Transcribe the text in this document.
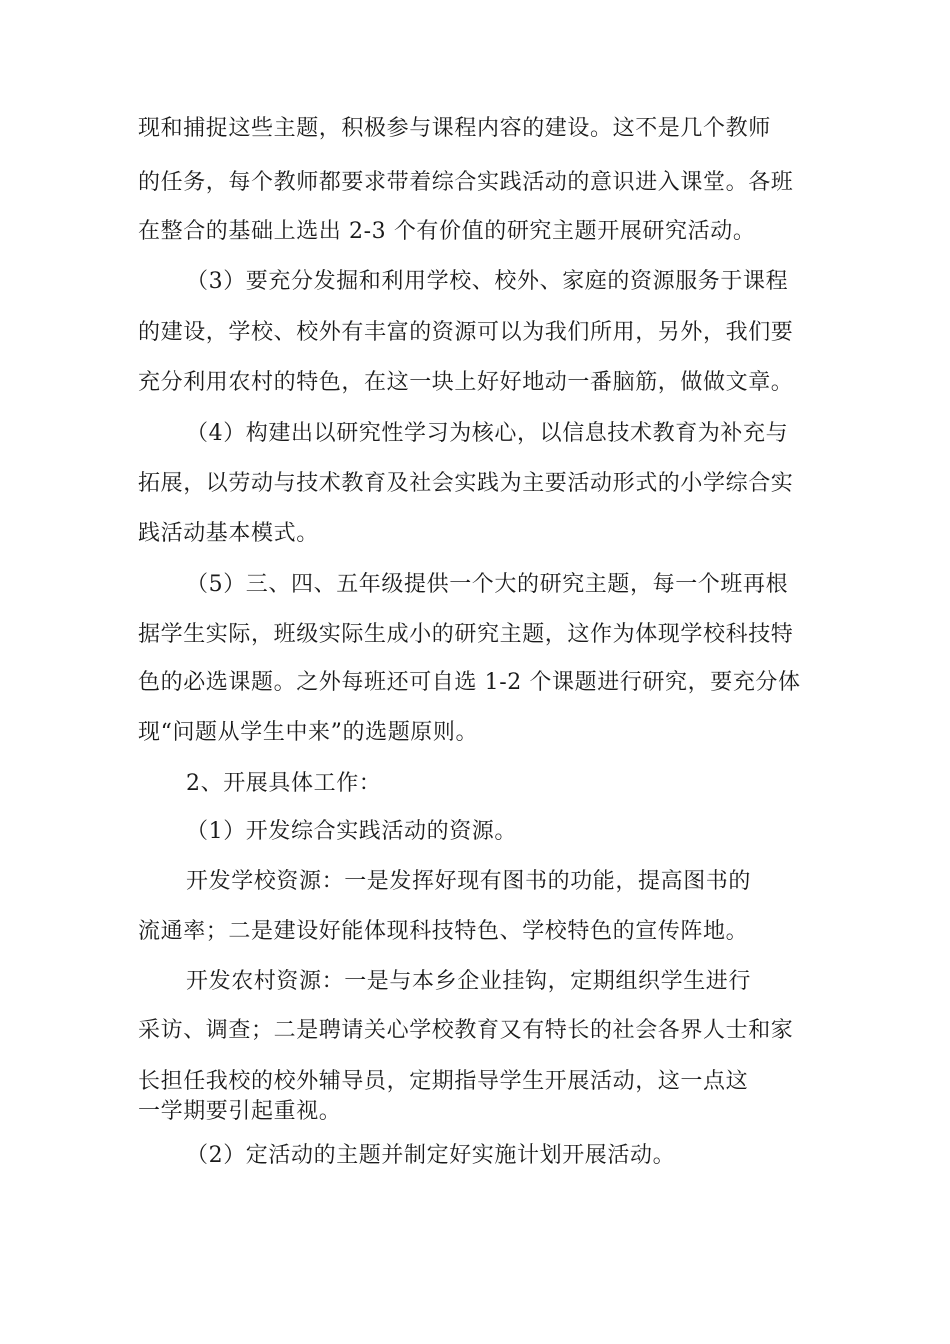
现和捕捉这些主题，积极参与课程内容的建设。这不是几个教师
的任务，每个教师都要求带着综合实践活动的意识进入课堂。各班
在整合的基础上选出 2-3 个有价值的研究主题开展研究活动。
（3）要充分发掘和利用学校、校外、家庭的资源服务于课程
的建设，学校、校外有丰富的资源可以为我们所用，另外，我们要
充分利用农村的特色，在这一块上好好地动一番脑筋，做做文章。
（4）构建出以研究性学习为核心，以信息技术教育为补充与
拓展，以劳动与技术教育及社会实践为主要活动形式的小学综合实
践活动基本模式。
（5）三、四、五年级提供一个大的研究主题，每一个班再根
据学生实际，班级实际生成小的研究主题，这作为体现学校科技特
色的必选课题。之外每班还可自选 1-2 个课题进行研究，要充分体
现“问题从学生中来”的选题原则。
2、开展具体工作：
（1）开发综合实践活动的资源。
开发学校资源：一是发挥好现有图书的功能，提高图书的
流通率；二是建设好能体现科技特色、学校特色的宣传阵地。
开发农村资源：一是与本乡企业挂钩，定期组织学生进行
采访、调查；二是聘请关心学校教育又有特长的社会各界人士和家
长担任我校的校外辅导员，定期指导学生开展活动，这一点这
一学期要引起重视。
（2）定活动的主题并制定好实施计划开展活动。
